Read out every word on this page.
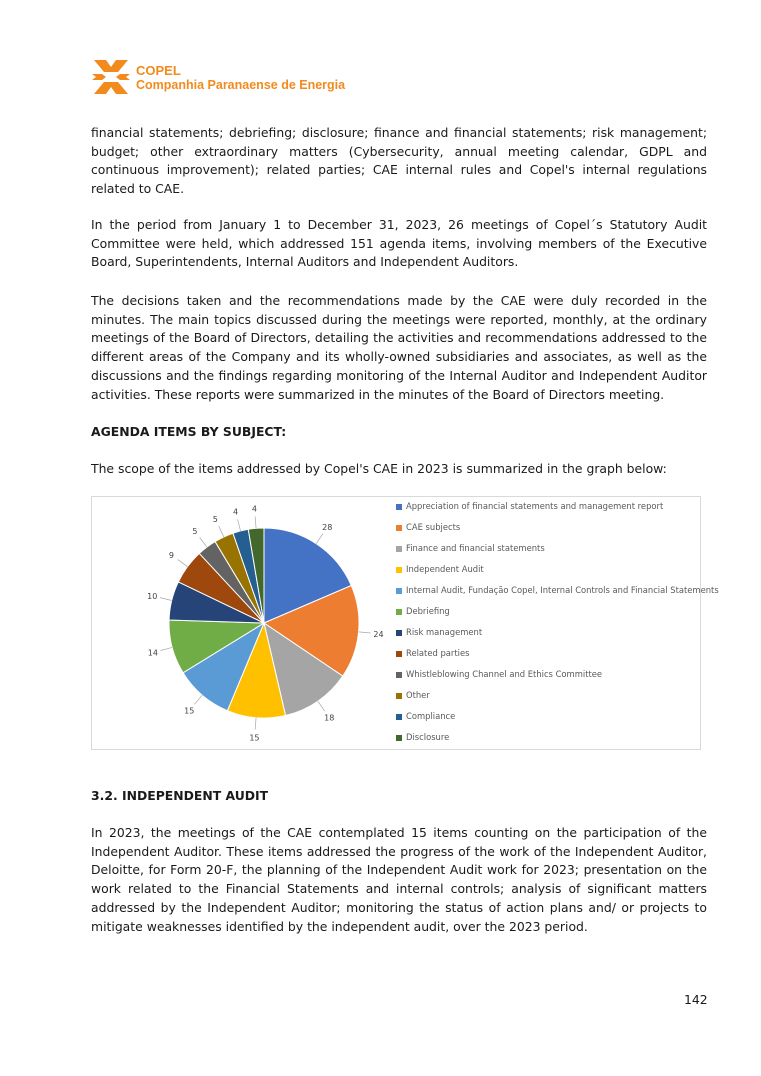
COPEL
Companhia Paranaense de Energia

financial statements; debriefing; disclosure; finance and financial statements; risk management; budget; other extraordinary matters (Cybersecurity, annual meeting calendar, GDPL and continuous improvement); related parties; CAE internal rules and Copel's internal regulations related to CAE.

In the period from January 1 to December 31, 2023, 26 meetings of Copel´s Statutory Audit Committee were held, which addressed 151 agenda items, involving members of the Executive Board, Superintendents, Internal Auditors and Independent Auditors.

The decisions taken and the recommendations made by the CAE were duly recorded in the minutes. The main topics discussed during the meetings were reported, monthly, at the ordinary meetings of the Board of Directors, detailing the activities and recommendations addressed to the different areas of the Company and its wholly-owned subsidiaries and associates, as well as the discussions and the findings regarding monitoring of the Internal Auditor and Independent Auditor activities. These reports were summarized in the minutes of the Board of Directors meeting.

AGENDA ITEMS BY SUBJECT:

The scope of the items addressed by Copel's CAE in 2023 is summarized in the graph below:

28
24
18
15
15
14
10
9
5
5
4 4	Appreciation of financial statements and management report
CAE subjects
Finance and financial statements
Independent Audit
Internal Audit, Fundação Copel, Internal Controls and Financial Statements
Debriefing
Risk management
Related parties
Whistleblowing Channel and Ethics Committee
Other
Compliance
Disclosure

3.2. INDEPENDENT AUDIT

In 2023, the meetings of the CAE contemplated 15 items counting on the participation of the Independent Auditor. These items addressed the progress of the work of the Independent Auditor, Deloitte, for Form 20-F, the planning of the Independent Audit work for 2023; presentation on the work related to the Financial Statements and internal controls; analysis of significant matters addressed by the Independent Auditor; monitoring the status of action plans and/ or projects to mitigate weaknesses identified by the independent audit, over the 2023 period.

142
